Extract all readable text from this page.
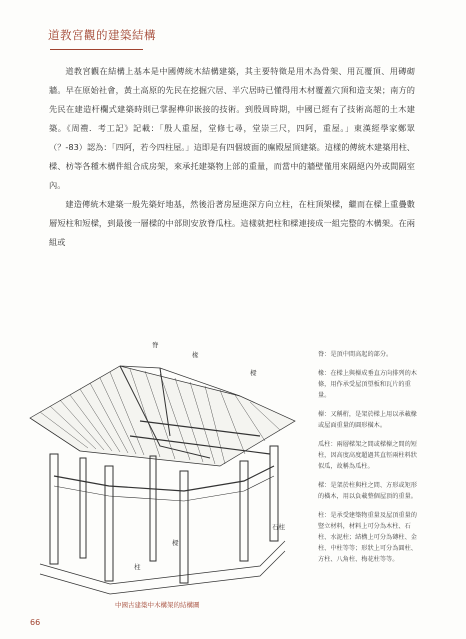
道教宮觀的建築結構

道教宮觀在結構上基本是中國傳統木結構建築，其主要特徵是用木為骨架、用瓦覆頂、用磚砌牆。早在原始社會，黃土高原的先民在挖掘穴居、半穴居時已懂得用木材覆蓋穴頂和造支架；南方的先民在建造杆欄式建築時則已掌握榫卯嵌接的技術。到殷周時期，中國已經有了技術高超的土木建築。《周禮．考工記》記載：「殷人重屋，堂修七尋，堂崇三尺，四阿，重屋。」東漢經學家鄭眾（？-83）認為：「四阿，若今四柱屋。」這即是有四個坡面的廡殿屋頂建築。這樣的傳統木建築用柱、樑、枋等各種木構件組合成房架，來承托建築物上部的重量，而當中的牆壁僅用來隔絕內外或間隔室內。

建造傳統木建築一般先築好地基，然後沿著房屋進深方向立柱，在柱頂架樑，繼而在樑上重疊數層短柱和短樑，到最後一層樑的中部則安放脊瓜柱。這樣就把柱和樑連接成一組完整的木構架。在兩組或

脊
椽
樑
石柱
樑
柱
中國古建築中木構架的結構圖
脊：是頂中間高起的部分。
椽：在樑上與檁成垂直方向排列的木條，用作承受屋頂望板和瓦片的重量。
檁：又稱桁，是架於樑上用以承載椽或屋面重量的圓形橫木。
瓜柱：兩層樑架之間或樑檁之間的短柱，因高度高度超過其直徑兩柱料狀似瓜，故稱為瓜柱。
樑：是架於柱與柱之間、方形或矩形的橫木，用以負載整個屋頂的重量。
柱：是承受建築物重量及屋頂重量的豎立材料，材料上可分為木柱、石柱、水泥柱；結構上可分為磚柱、金柱、中柱等等；形狀上可分為圓柱、方柱、八角柱、梅花柱等等。
66
